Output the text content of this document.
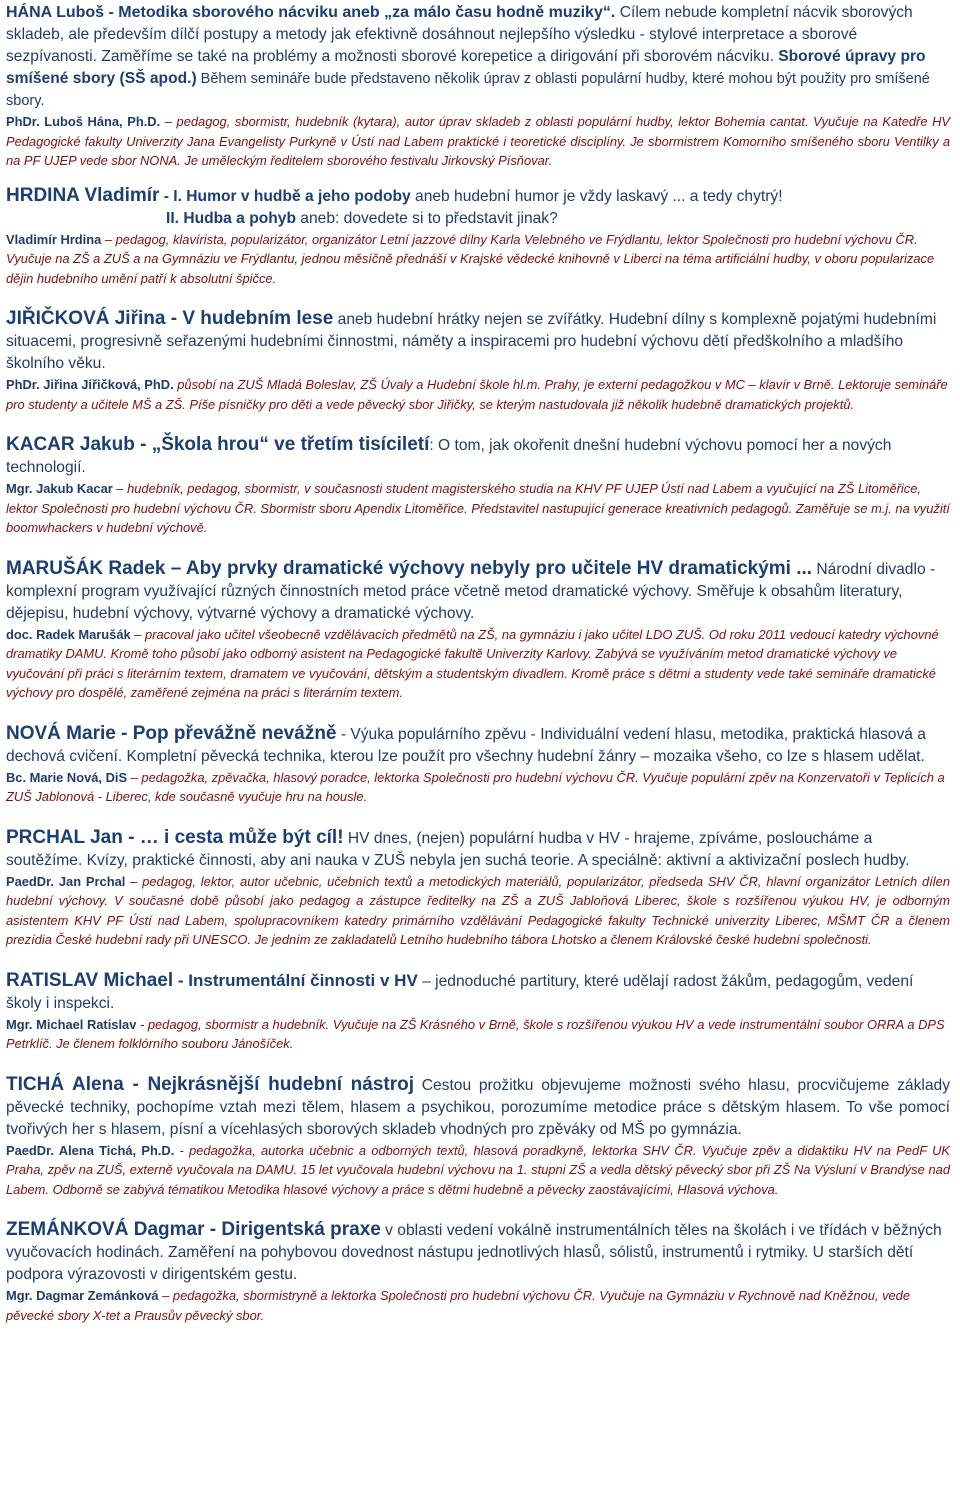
HÁNA Luboš - Metodika sborového nácviku aneb „za málo času hodně muziky“. Cílem nebude kompletní nácvik sborových skladeb, ale především dílčí postupy a metody jak efektivně dosáhnout nejlepšího výsledku - stylové interpretace a sborové sezpívanosti. Zaměříme se také na problémy a možnosti sborové korepetice a dirigování při sborovém nácviku. Sborové úpravy pro smíšené sbory (SŠ apod.) Během semináře bude představeno několik úprav z oblasti populární hudby, které mohou být použity pro smíšené sbory.

PhDr. Luboš Hána, Ph.D. – pedagog, sbormistr, hudebník (kytara), autor úprav skladeb z oblasti populární hudby, lektor Bohemia cantat. Vyučuje na Katedře HV Pedagogické fakulty Univerzity Jana Evangelisty Purkyně v Ústí nad Labem praktické i teoretické disciplíny. Je sbormistrem Komorního smíšeného sboru Ventilky a na PF UJEP vede sbor NONA. Je uměleckým ředitelem sborového festivalu Jirkovský Písňovar.

HRDINA Vladimír - I. Humor v hudbě a jeho podoby aneb hudební humor je vždy laskavý ... a tedy chytrý!

II. Hudba a pohyb aneb: dovedete si to představit jinak?

Vladimír Hrdina – pedagog, klavírista, popularizátor, organizátor Letní jazzové dílny Karla Velebného ve Frýdlantu, lektor Společnosti pro hudební výchovu ČR. Vyučuje na ZŠ a ZUŠ a na Gymnáziu ve Frýdlantu, jednou měsíčně přednáší v Krajské vědecké knihovně v Liberci na téma artificiální hudby, v oboru popularizace dějin hudebního umění patří k absolutní špičce.

JIŘIČKOVÁ Jiřina - V hudebním lese aneb hudební hrátky nejen se zvířátky. Hudební dílny s komplexně pojatými hudebními situacemi, progresivně seřazenými hudebními činnostmi, náměty a inspiracemi pro hudební výchovu dětí předškolního a mladšího školního věku.

PhDr. Jiřina Jiřičková, PhD. působí na ZUŠ Mladá Boleslav, ZŠ Úvaly a Hudební škole hl.m. Prahy, je externí pedagožkou v MC – klavír v Brně. Lektoruje semináře pro studenty a učitele MŠ a ZŠ. Píše písničky pro děti a vede pěvecký sbor Jiřičky, se kterým nastudovala již několik hudebně dramatických projektů.

KACAR Jakub - „Škola hrou“ ve třetím tisíciletí: O tom, jak okořenit dnešní hudební výchovu pomocí her a nových technologií.

Mgr. Jakub Kacar – hudebník, pedagog, sbormistr, v současnosti student magisterského studia na KHV PF UJEP Ústí nad Labem a vyučující na ZŠ Litoměřice, lektor Společnosti pro hudební výchovu ČR. Sbormistr sboru Apendix Litoměřice. Představitel nastupující generace kreativních pedagogů. Zaměřuje se m.j. na využití boomwhackers v hudební výchově.

MARUŠÁK Radek – Aby prvky dramatické výchovy nebyly pro učitele HV dramatickými ... Národní divadlo - komplexní program využívající různých činnostních metod práce včetně metod dramatické výchovy. Směřuje k obsahům literatury, dějepisu, hudební výchovy, výtvarné výchovy a dramatické výchovy.

doc. Radek Marušák – pracoval jako učitel všeobecně vzdělávacích předmětů na ZŠ, na gymnáziu i jako učitel LDO ZUŠ. Od roku 2011 vedoucí katedry výchovné dramatiky DAMU. Kromě toho působí jako odborný asistent na Pedagogické fakultě Univerzity Karlovy. Zabývá se využíváním metod dramatické výchovy ve vyučování při práci s literárním textem, dramatem ve vyučování, dětským a studentským divadlem. Kromě práce s dětmi a studenty vede také semináře dramatické výchovy pro dospělé, zaměřené zejména na práci s literárním textem.

NOVÁ Marie - Pop převážně nevážně - Výuka populárního zpěvu - Individuální vedení hlasu, metodika, praktická hlasová a dechová cvičení. Kompletní pěvecká technika, kterou lze použít pro všechny hudební žánry – mozaika všeho, co lze s hlasem udělat.

Bc. Marie Nová, DiS – pedagožka, zpěvačka, hlasový poradce, lektorka Společnosti pro hudební výchovu ČR. Vyučuje populární zpěv na Konzervatoři v Teplicích a ZUŠ Jablonová - Liberec, kde současně vyučuje hru na housle.

PRCHAL Jan - … i cesta může být cíl! HV dnes, (nejen) populární hudba v HV - hrajeme, zpíváme, posloucháme a soutěžíme. Kvízy, praktické činnosti, aby ani nauka v ZUŠ nebyla jen suchá teorie. A speciálně: aktivní a aktivizační poslech hudby.

PaedDr. Jan Prchal – pedagog, lektor, autor učebnic, učebních textů a metodických materiálů, popularizátor, předseda SHV ČR, hlavní organizátor Letních dílen hudební výchovy. V současné době působí jako pedagog a zástupce ředitelky na ZŠ a ZUŠ Jabloňová Liberec, škole s rozšířenou výukou HV, je odborným asistentem KHV PF Ústí nad Labem, spolupracovníkem katedry primárního vzdělávání Pedagogické fakulty Technické univerzity Liberec, MŠMT ČR a členem prezídia České hudební rady při UNESCO. Je jedním ze zakladatelů Letního hudebního tábora Lhotsko a členem Královské české hudební společnosti.

RATISLAV Michael - Instrumentální činnosti v HV – jednoduché partitury, které udělají radost žákům, pedagogům, vedení školy i inspekci.

Mgr. Michael Ratislav - pedagog, sbormistr a hudebník. Vyučuje na ZŠ Krásného v Brně, škole s rozšířenou výukou HV a vede instrumentální soubor ORRA a DPS Petrklíč. Je členem folklórního souboru Jánošíček.

TICHÁ Alena - Nejkrásnější hudební nástroj Cestou prožitku objevujeme možnosti svého hlasu, procvičujeme základy pěvecké techniky, pochopíme vztah mezi tělem, hlasem a psychikou, porozumíme metodice práce s dětským hlasem. To vše pomocí tvořivých her s hlasem, písní a vícehlasých sborových skladeb vhodných pro zpěváky od MŠ po gymnázia.

PaedDr. Alena Tichá, Ph.D. - pedagožka, autorka učebnic a odborných textů, hlasová poradkyně, lektorka SHV ČR. Vyučuje zpěv a didaktiku HV na PedF UK Praha, zpěv na ZUŠ, externě vyučovala na DAMU. 15 let vyučovala hudební výchovu na 1. stupni ZŠ a vedla dětský pěvecký sbor při ZŠ Na Výsluní v Brandýse nad Labem. Odborně se zabývá tématikou Metodika hlasové výchovy a práce s dětmi hudebně a pěvecky zaostávajícími, Hlasová výchova.

ZEMÁNKOVÁ Dagmar - Dirigentská praxe v oblasti vedení vokálně instrumentálních těles na školách i ve třídách v běžných vyučovacích hodinách. Zaměření na pohybovou dovednost nástupu jednotlivých hlasů, sólistů, instrumentů i rytmiky. U starších dětí podpora výrazovosti v dirigentském gestu.

Mgr. Dagmar Zemánková – pedagožka, sbormistryně a lektorka Společnosti pro hudební výchovu ČR. Vyučuje na Gymnáziu v Rychnově nad Kněžnou, vede pěvecké sbory X-tet a Prausův pěvecký sbor.
